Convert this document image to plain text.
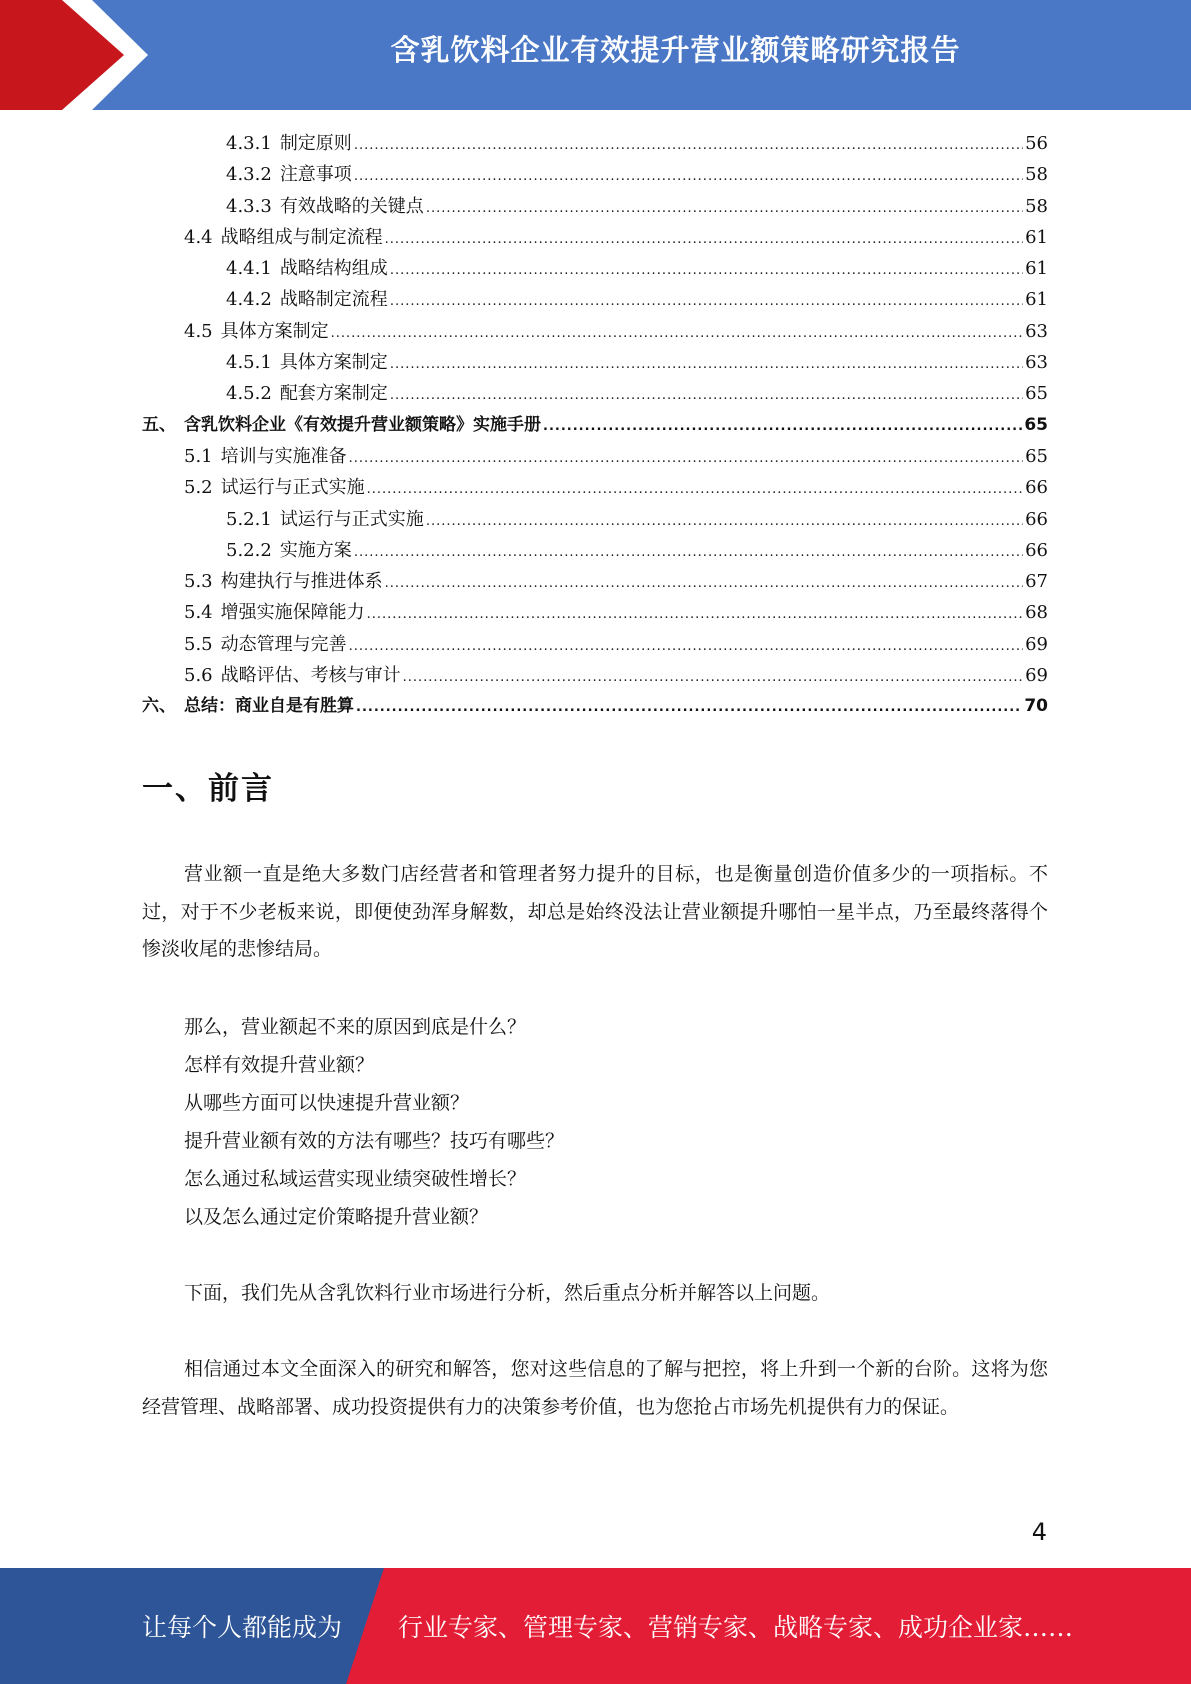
含乳饮料企业有效提升营业额策略研究报告
4.3.1 制定原则 .....	56
4.3.2 注意事项 .....	58
4.3.3 有效战略的关键点 .....	58
4.4 战略组成与制定流程 .....	61
4.4.1 战略结构组成 .....	61
4.4.2 战略制定流程 .....	61
4.5 具体方案制定 .....	63
4.5.1 具体方案制定 .....	63
4.5.2 配套方案制定 .....	65
五、 含乳饮料企业《有效提升营业额策略》实施手册 .....	65
5.1 培训与实施准备 .....	65
5.2 试运行与正式实施 .....	66
5.2.1 试运行与正式实施 .....	66
5.2.2 实施方案 .....	66
5.3 构建执行与推进体系 .....	67
5.4 增强实施保障能力 .....	68
5.5 动态管理与完善 .....	69
5.6 战略评估、考核与审计 .....	69
六、 总结：商业自是有胜算 .....	70
一、前言

营业额一直是绝大多数门店经营者和管理者努力提升的目标，也是衡量创造价值多少的一项指标。不过，对于不少老板来说，即便使劲浑身解数，却总是始终没法让营业额提升哪怕一星半点，乃至最终落得个惨淡收尾的悲惨结局。

那么，营业额起不来的原因到底是什么？
怎样有效提升营业额？
从哪些方面可以快速提升营业额？
提升营业额有效的方法有哪些？技巧有哪些？
怎么通过私域运营实现业绩突破性增长？
以及怎么通过定价策略提升营业额？

下面，我们先从含乳饮料行业市场进行分析，然后重点分析并解答以上问题。

相信通过本文全面深入的研究和解答，您对这些信息的了解与把控，将上升到一个新的台阶。这将为您经营管理、战略部署、成功投资提供有力的决策参考价值，也为您抢占市场先机提供有力的保证。

4
让每个人都能成为 行业专家、管理专家、营销专家、战略专家、成功企业家……
